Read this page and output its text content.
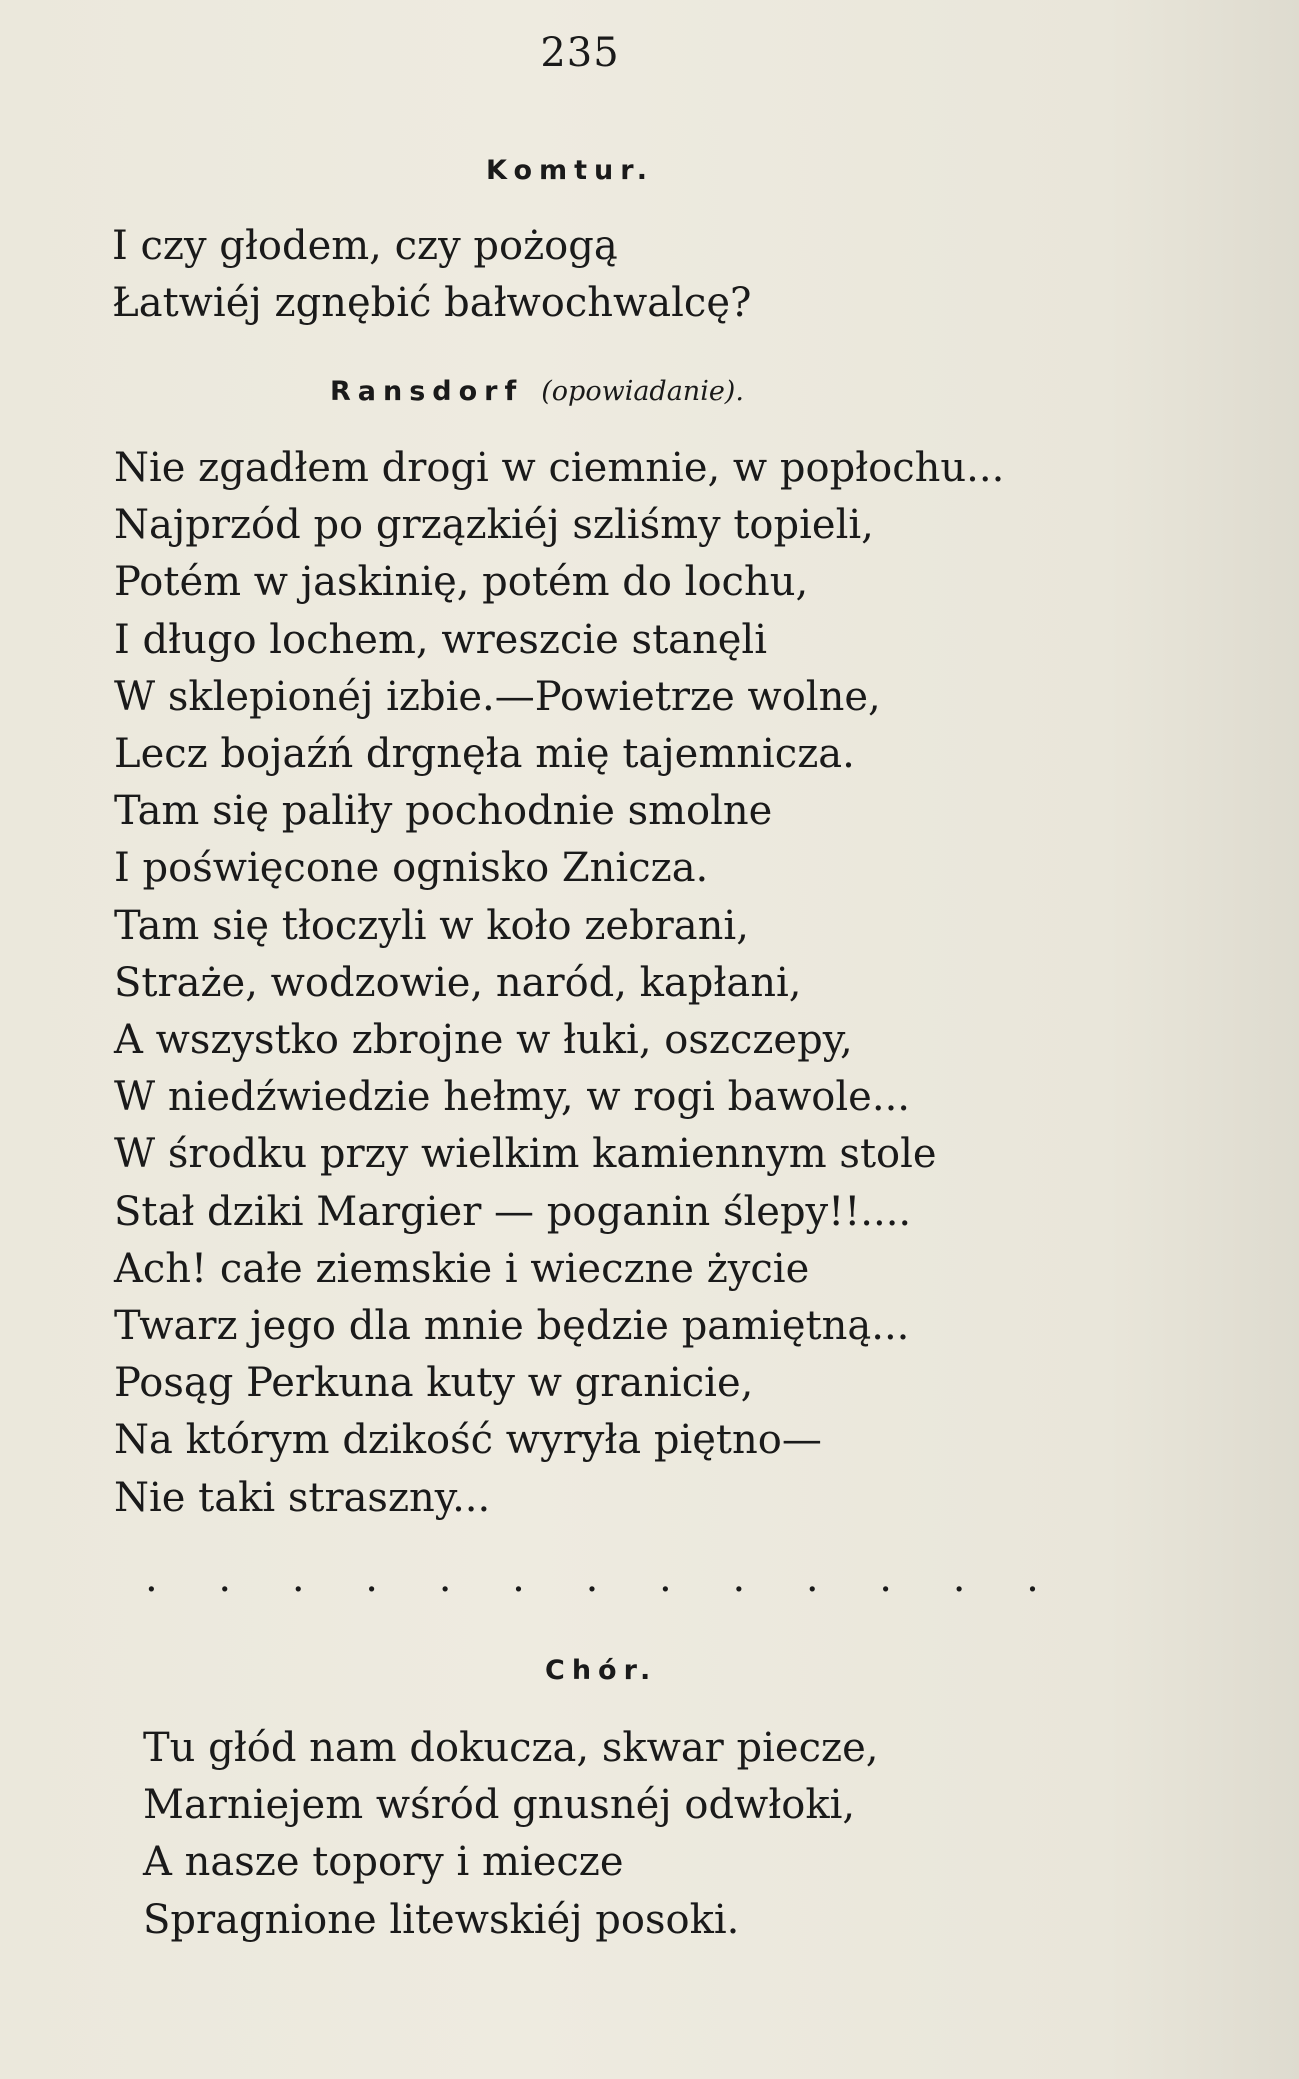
235
Komtur.
I czy głodem, czy pożogą
Łatwiéj zgnębić bałwochwalcę?
Ransdorf (opowiadanie).
Nie zgadłem drogi w ciemnie, w popłochu...
Najprzód po grzązkiéj szliśmy topieli,
Potém w jaskinię, potém do lochu,
I długo lochem, wreszcie stanęli
W sklepionéj izbie.—Powietrze wolne,
Lecz bojaźń drgnęła mię tajemnicza.
Tam się paliły pochodnie smolne
I poświęcone ognisko Znicza.
Tam się tłoczyli w koło zebrani,
Straże, wodzowie, naród, kapłani,
A wszystko zbrojne w łuki, oszczepy,
W niedźwiedzie hełmy, w rogi bawole...
W środku przy wielkim kamiennym stole
Stał dziki Margier — poganin ślepy!!....
Ach! całe ziemskie i wieczne życie
Twarz jego dla mnie będzie pamiętną...
Posąg Perkuna kuty w granicie,
Na którym dzikość wyryła piętno—
Nie taki straszny...
. . . . . . . . . . . . .
Chór.
Tu głód nam dokucza, skwar piecze,
Marniejem wśród gnusnéj odwłoki,
A nasze topory i miecze
Spragnione litewskiéj posoki.
